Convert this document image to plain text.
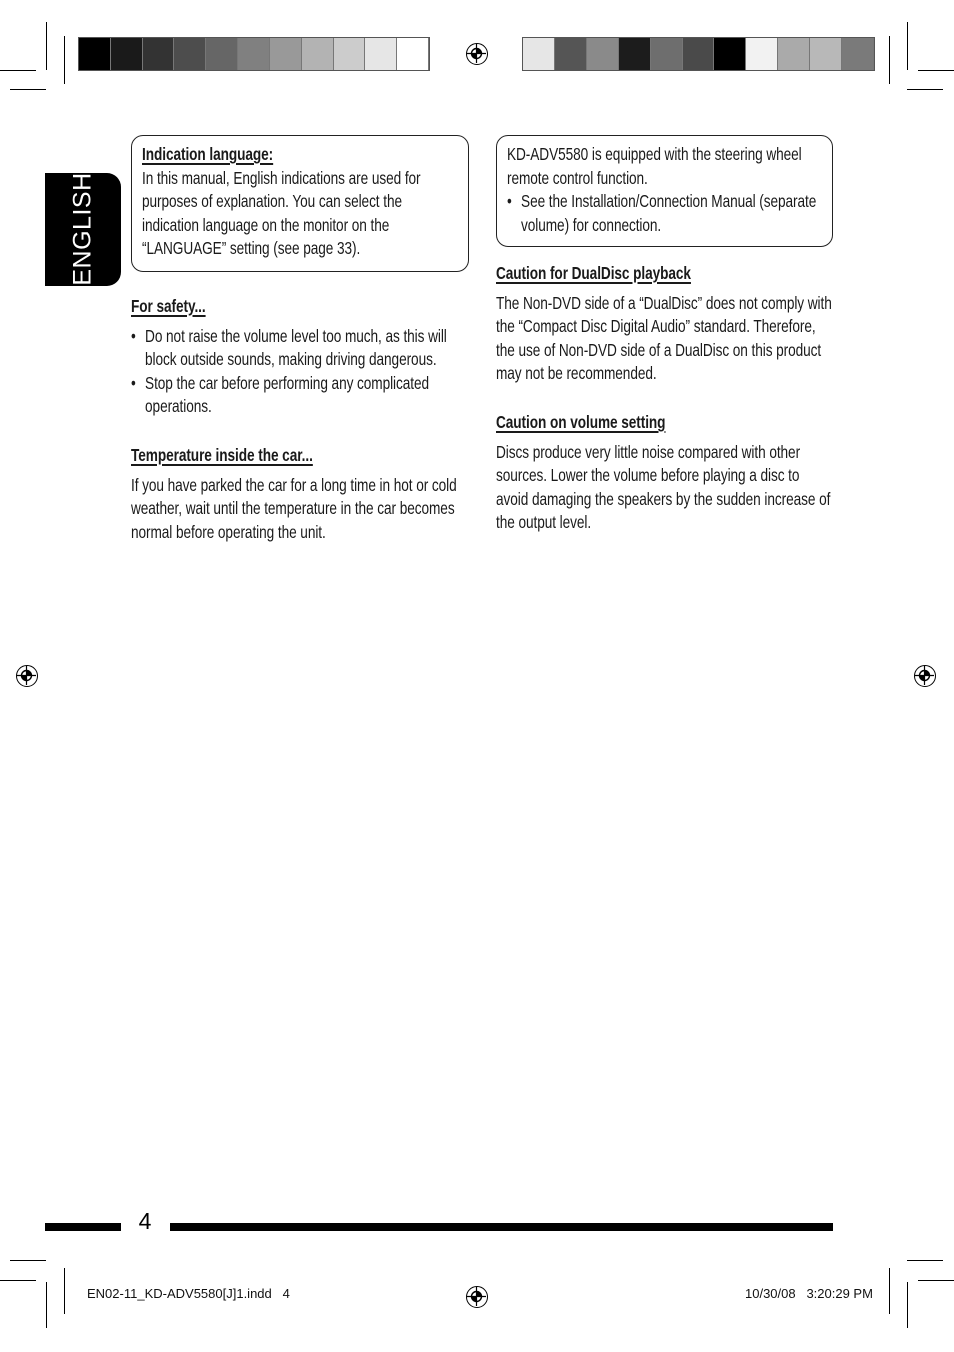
ENGLISH
Indication language:
In this manual, English indications are used for
purposes of explanation. You can select the
indication language on the monitor on the
“LANGUAGE” setting (see page 33).
For safety...
• Do not raise the volume level too much, as this will
block outside sounds, making driving dangerous.
• Stop the car before performing any complicated
operations.
Temperature inside the car...
If you have parked the car for a long time in hot or cold
weather, wait until the temperature in the car becomes
normal before operating the unit.
KD-ADV5580 is equipped with the steering wheel
remote control function.
• See the Installation/Connection Manual (separate
volume) for connection.
Caution for DualDisc playback
The Non-DVD side of a “DualDisc” does not comply with
the “Compact Disc Digital Audio” standard. Therefore,
the use of Non-DVD side of a DualDisc on this product
may not be recommended.
Caution on volume setting
Discs produce very little noise compared with other
sources. Lower the volume before playing a disc to
avoid damaging the speakers by the sudden increase of
the output level.
4
EN02-11_KD-ADV5580[J]1.indd   4	10/30/08   3:20:29 PM
